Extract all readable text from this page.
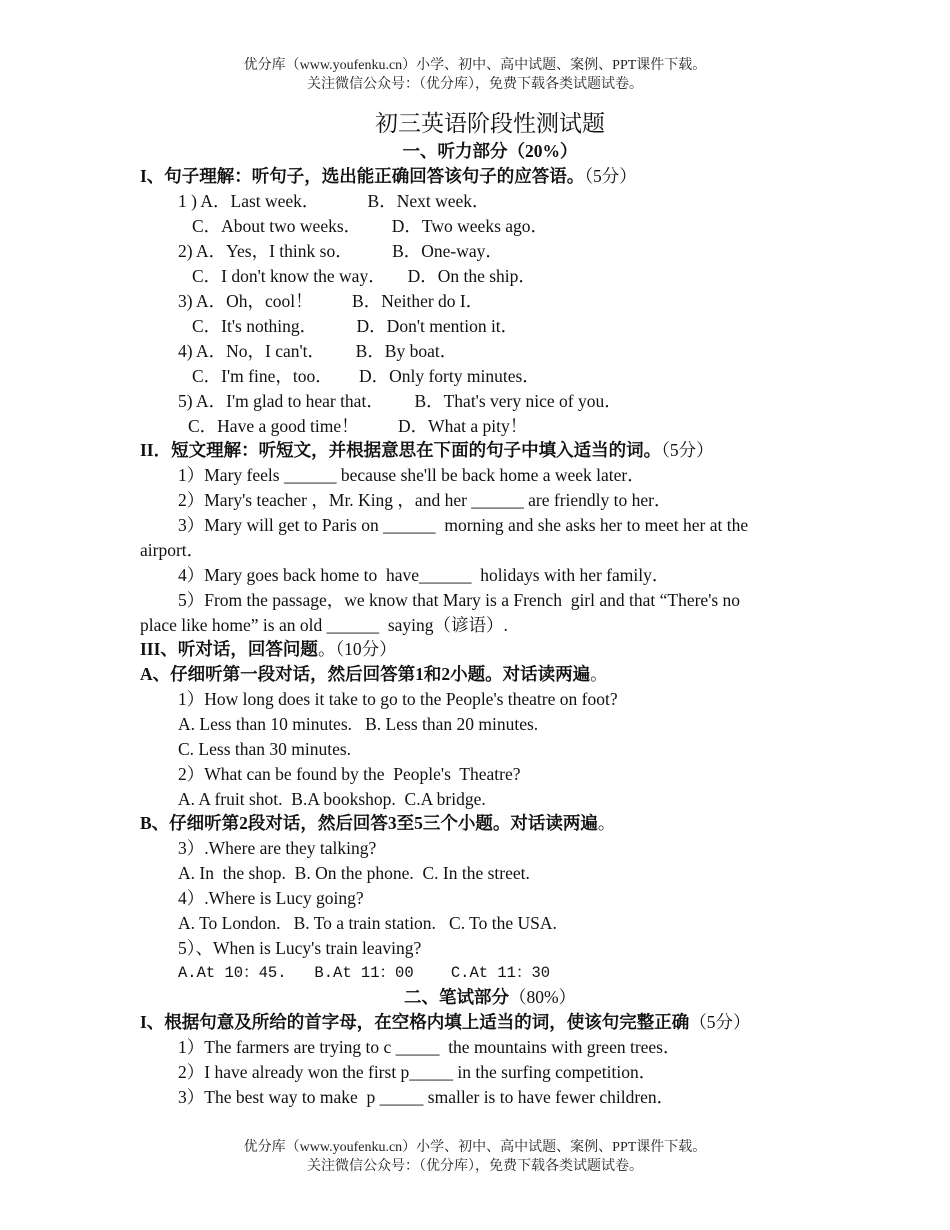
优分库（www.youfenku.cn）小学、初中、高中试题、案例、PPT课件下载。
关注微信公众号：（优分库），免费下载各类试题试卷。
初三英语阶段性测试题
一、听力部分（20%）
I、句子理解：听句子，选出能正确回答该句子的应答语。（5分）
1 ) A．Last week．           B．Next week．
C．About two weeks．       D．Two weeks ago．
2) A．Yes，I think so．         B．One-way．
C．I don't know the way．     D．On the ship．
3) A．Oh，cool！         B．Neither do I．
C．It's nothing．         D．Don't mention it．
4) A．No，I can't．       B．By boat．
C．I'm fine，too．      D．Only forty minutes．
5) A．I'm glad to hear that．       B．That's very nice of you．
C．Have a good time！         D．What a pity！
II．短文理解：听短文，并根据意思在下面的句子中填入适当的词。（5分）
1）Mary feels ______ because she'll be back home a week later．
2）Mary's teacher ，Mr. King ，and her ______ are friendly to her．
3）Mary will get to Paris on ______  morning and she asks her to meet her at the
airport．
4）Mary goes back home to  have______  holidays with her family．
5）From the passage，we know that Mary is a French  girl and that “There's no
place like home” is an old ______  saying（谚语）.
III、听对话，回答问题。（10分）
A、仔细听第一段对话，然后回答第1和2小题。对话读两遍。
1）How long does it take to go to the People's theatre on foot?
A. Less than 10 minutes.   B. Less than 20 minutes.
C. Less than 30 minutes.
2）What can be found by the  People's  Theatre?
A. A fruit shot.  B.A bookshop.  C.A bridge.
B、仔细听第2段对话，然后回答3至5三个小题。对话读两遍。
3）.Where are they talking?
A. In  the shop.  B. On the phone.  C. In the street.
4）.Where is Lucy going?
A. To London.   B. To a train station.   C. To the USA.
5）、When is Lucy's train leaving?
A.At 10：45.   B.At 11：00    C.At 11：30
二、笔试部分（80%）
I、根据句意及所给的首字母，在空格内填上适当的词，使该句完整正确（5分）
1）The farmers are trying to c _____  the mountains with green trees．
2）I have already won the first p_____ in the surfing competition．
3）The best way to make  p _____ smaller is to have fewer children．
优分库（www.youfenku.cn）小学、初中、高中试题、案例、PPT课件下载。
关注微信公众号：（优分库），免费下载各类试题试卷。
